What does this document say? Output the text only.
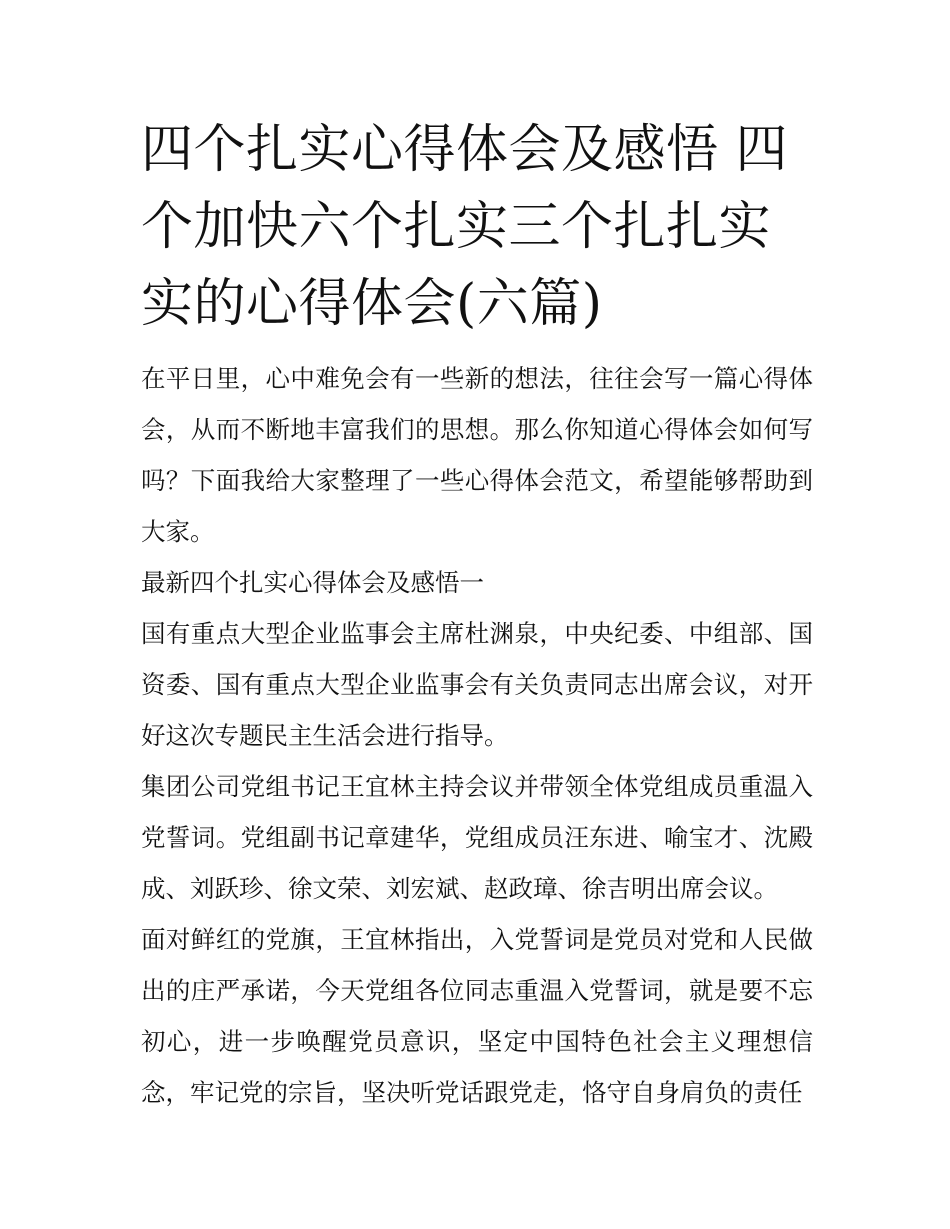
四个扎实心得体会及感悟 四个加快六个扎实三个扎扎实实的心得体会(六篇)

在平日里，心中难免会有一些新的想法，往往会写一篇心得体会，从而不断地丰富我们的思想。那么你知道心得体会如何写吗？下面我给大家整理了一些心得体会范文，希望能够帮助到大家。

最新四个扎实心得体会及感悟一

国有重点大型企业监事会主席杜渊泉，中央纪委、中组部、国资委、国有重点大型企业监事会有关负责同志出席会议，对开好这次专题民主生活会进行指导。

集团公司党组书记王宜林主持会议并带领全体党组成员重温入党誓词。党组副书记章建华，党组成员汪东进、喻宝才、沈殿成、刘跃珍、徐文荣、刘宏斌、赵政璋、徐吉明出席会议。

面对鲜红的党旗，王宜林指出，入党誓词是党员对党和人民做出的庄严承诺，今天党组各位同志重温入党誓词，就是要不忘初心，进一步唤醒党员意识，坚定中国特色社会主义理想信念，牢记党的宗旨，坚决听党话跟党走，恪守自身肩负的责任
